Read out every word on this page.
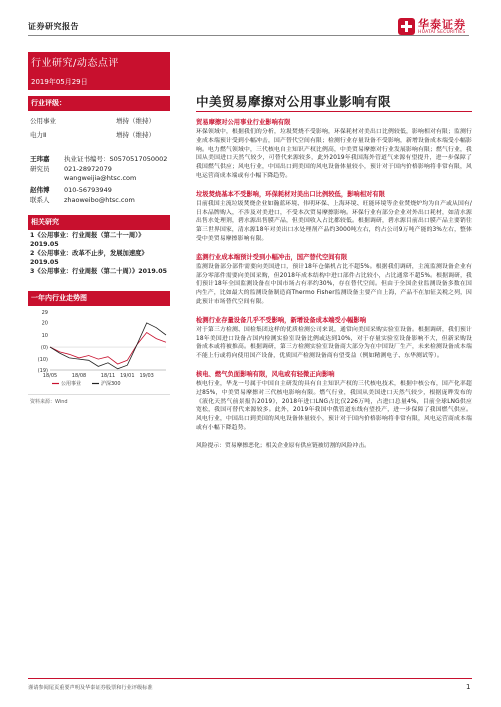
证券研究报告	华泰证券
HUATAI SECURITIES
行业研究/动态点评
2019年05月29日
中美贸易摩擦对公用事业影响有限
行业评级：
公用事业	增持（维持）
电力Ⅱ	增持（维持）
王玮嘉	执业证书编号：S0570517050002
研究员	021-28972079
wangweijia@htsc.com
赵伟博	010-56793949
联系人	zhaoweibo@htsc.com
相关研究
1《公用事业：行业周报（第二十一周）》2019.05
2《公用事业：改革不止步，发展加速度》2019.05
3《公用事业：行业周报（第二十周）》2019.05
一年内行业走势图
29
20
10
(0)
(10)
(19)
18/05	18/08	18/11 19/01 19/03
公用事业	沪深300
资料来源：Wind
贸易摩擦对公用事业行业影响有限
环保领域中，根据我们的分析，垃圾焚烧不受影响，环保耗材对美出口比例较低，影响相对有限；监测行业成本端预计受到小幅冲击，国产替代空间有限；检测行业存量设备不受影响，新增设备成本端受小幅影响。电力燃气领域中，三代核电自主知识产权比例高，中美贸易摩擦对行业发展影响有限；燃气行业，我国从美国进口天然气较少，可替代来源较多，此外2019年我国海外管道气来源有望提升，进一步保障了我国燃气供应；风电行业，中国出口到美国的风电设备体量较小，预计对于国内价格影响将非常有限，风电运营商成本端或有小幅下降趋势。
垃圾焚烧基本不受影响，环保耗材对美出口比例较低，影响相对有限
目前我国主流垃圾焚烧企业如瀚蓝环境、伟明环保、上海环境、旺能环境等企业焚烧炉均为自产或从国有/日本品牌购入，不涉及对美进口，不受本次贸易摩擦影响。环保行业有部分企业对外出口耗材，如清水源出售水处理剂，碧水源出售膜产品，但美国收入占比都较低。根据调研，碧水源目前出口膜产品主要销往第三世界国家，清水源18年对美出口水处理剂产品约3000吨左右，约占公司9万吨产能的3%左右，整体受中美贸易摩擦影响有限。
监测行业成本端预计受到小幅冲击，国产替代空间有限
监测设备部分部件需要向美国进口，预计18年仓储机占比不超5%。根据我们调研，主流监测设备企业有部分零部件需要向美国采购，但2018年成本结构中进口部件占比较小，占比通常不超5%。根据调研，我们预计18年全国监测设备在中国市场占有率约30%，存在替代空间。但由于全国企业监测设备多数在国内生产，比如最大的监测设备制造商Thermo Fisher监测设备主要产自上海，产品不在加征关税之列，因此预计市场替代空间有限。
检测行业存量设备几乎不受影响，新增设备成本端受小幅影响
对于第三方检测、国检集团这样的优质检测公司来说，通常向美国采购实验室设备。根据调研，我们预计18年美国进口设备占国内检测实验室设备比例或达到10%，对于存量实验室设备影响不大，但新采购设备成本或将被推高。根据调研，第三方检测实验室设备商大部分为在中国设厂生产，未来检测设备成本端不能上行或将向使用国产设备，优质国产检测设备商有望受益（例如精测电子、东华测试等）。
核电、燃气负面影响有限，风电或有轻微正向影响
核电行业，华龙一号属于中国自主研发的具有自主知识产权的三代核电技术，根据中核公布，国产化率超过85%，中美贸易摩擦对三代核电影响有限。燃气行业，我国从美国进口天然气较少，根据庞晔发布的《液化天然气前景报告2019》，2018年进口LNG占比仅226万吨，占进口总量4%，目前全球LNG供应宽松，我国可替代来源较多。此外，2019年我国中俄管道东线有望投产，进一步保障了我国燃气供应。风电行业，中国出口到美国的风电设备体量较小，预计对于国内价格影响将非常有限，风电运营商成本端或有小幅下降趋势。
风险提示：贸易摩擦恶化；相关企业原有供应链被切割的风险冲击。
谨请参阅尾页重要声明及华泰证券股票和行业评级标准	1
